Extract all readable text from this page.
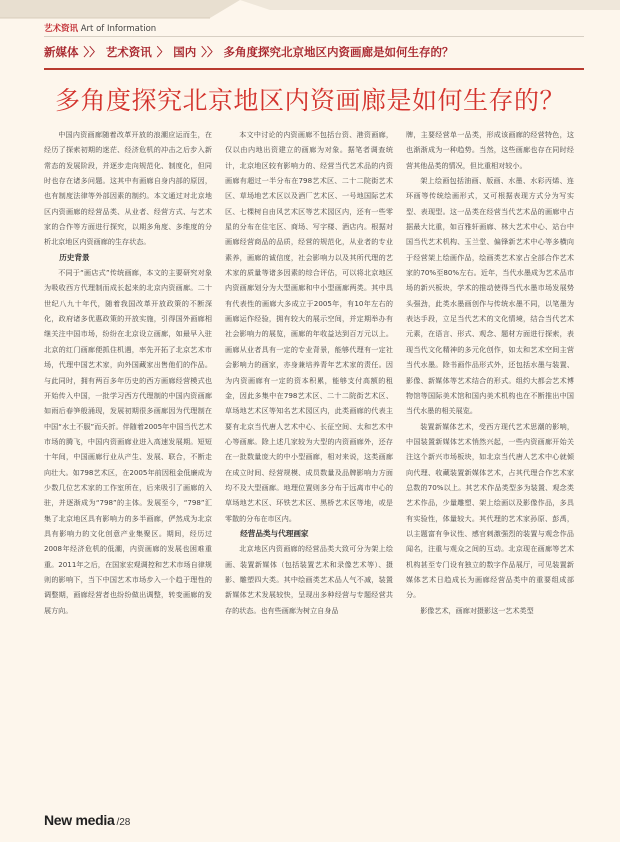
艺术资讯 Art of Information
新媒体 〉〉 艺术资讯 〉 国内 〉〉 多角度探究北京地区内资画廊是如何生存的？
多角度探究北京地区内资画廊是如何生存的？

中国内资画廊随着改革开放的浪潮应运而生，在经历了探索初期的迷茫、经济危机的冲击之后步入新常态的发展阶段，并逐步走向规范化、制度化，但同时也存在诸多问题。这其中有画廊自身内部的原因，也有制度法律等外部因素的制约。本文通过对北京地区内资画廊的经营品类、从业者、经营方式、与艺术家的合作等方面进行探究，以期多角度、多维度的分析北京地区内资画廊的生存状态。

历史背景

不同于“画店式”传统画廊，本文的主要研究对象为吸收西方代理制而成长起来的北京内资画廊。二十世纪八九十年代，随着我国改革开放政策的不断深化，政府诸多优惠政策的开放实施，引得国外画廊相继关注中国市场，纷纷在北京设立画廊，如最早入驻北京的红门画廊便抓住机遇，率先开拓了北京艺术市场，代理中国艺术家，向外国藏家出售他们的作品。与此同时，拥有两百多年历史的西方画廊经营模式也开始传入中国，一批学习西方代理制的中国内资画廊如雨后春笋般涌现，发展初期很多画廊因为代理制在中国“水土不服”而夭折。伴随着2005年中国当代艺术市场的腾飞，中国内资画廊业进入高速发展期。短短十年间，中国画廊行业从产生、发展、联合，不断走向壮大。如798艺术区，在2005年前因租金低廉成为少数几位艺术家的工作室所在，后来吸引了画廊的入驻，并逐渐成为“798”的主体。发展至今，“798”汇集了北京地区具有影响力的多半画廊，俨然成为北京具有影响力的文化创意产业集聚区。期间，经历过2008年经济危机的低潮，内资画廊的发展也困难重重。2011年之后，在国家宏观调控和艺术市场自律规则的影响下，当下中国艺术市场步入一个趋于理性的调整期，画廊经营者也纷纷做出调整，转变画廊的发展方向。

本文中讨论的内资画廊不包括台资、港资画廊，仅以由内地出资建立的画廊为对象。据笔者调查统计，北京地区较有影响力的、经营当代艺术品的内资画廊有超过一半分布在798艺术区、二十二院街艺术区、草场地艺术区以及酒厂艺术区、一号地国际艺术区、七棵树自由风艺术区等艺术园区内，还有一些零星的分布在住宅区、商场、写字楼、酒店内。根据对画廊经营商品的品质，经营的规范化，从业者的专业素养，画廊的诚信度，社会影响力以及其所代理的艺术家的质量等诸多因素的综合评估，可以将北京地区内资画廊划分为大型画廊和中小型画廊两类。其中具有代表性的画廊大多成立于2005年，有10年左右的画廊运作经验，拥有较大的展示空间，并定期举办有社会影响力的展览，画廊的年收益达到百万元以上。画廊从业者具有一定的专业背景，能够代理有一定社会影响力的画家，亦身兼培养青年艺术家的责任。因为内资画廊有一定的资本积累，能够支付高额的租金，因此多集中在798艺术区、二十二院街艺术区、草场地艺术区等知名艺术园区内，此类画廊的代表主要有北京当代唐人艺术中心、长征空间、太和艺术中心等画廊。除上述几家较为大型的内资画廊外，还存在一批数量庞大的中小型画廊，相对来说，这类画廊在成立时间、经营规模、成员数量及品牌影响力方面均不及大型画廊。地理位置则多分布于远离市中心的草场地艺术区、环铁艺术区、黑桥艺术区等地，或是零散的分布在市区内。

经营品类与代理画家

北京地区内资画廊的经营品类大致可分为架上绘画、装置新媒体（包括装置艺术和录像艺术等）、摄影、雕塑四大类。其中绘画类艺术品人气不减，装置新媒体艺术发展较快，呈现出多种经营与专题经营共存的状态。也有些画廊为树立自身品

牌，主要经营单一品类，形成该画廊的经营特色，这也渐渐成为一种趋势。当然，这些画廊也存在同时经营其他品类的情况，但比重相对较小。

架上绘画包括油画、版画、水墨、水彩丙烯、连环画等传统绘画形式，又可根据表现方式分为写实型、表现型。这一品类在经营当代艺术品的画廊中占据最大比重，如百雅轩画廊、林大艺术中心、站台中国当代艺术机构、玉兰堂、偏锋新艺术中心等多横向于经营架上绘画作品，绘画类艺术家占全部合作艺术家的70%至80%左右。近年，当代水墨成为艺术品市场的新兴板块，学术的推动使得当代水墨市场发展势头强劲，此类水墨画创作与传统水墨不同，以笔墨为表达手段，立足当代艺术的文化情境，结合当代艺术元素，在语言、形式、观念、题材方面进行探索，表现当代文化精神的多元化创作，如太和艺术空间主营当代水墨。除书画作品形式外，还包括水墨与装置、影像、新媒体等艺术结合的形式。组约大都会艺术博物馆等国际美术馆和国内美术机构也在不断推出中国当代水墨的相关展览。

装置新媒体艺术，受西方现代艺术思潮的影响，中国装置新媒体艺术悄然兴起，一些内资画廊开始关注这个新兴市场板块，如北京当代唐人艺术中心就倾向代理、收藏装置新媒体艺术，占其代理合作艺术家总数的70%以上。其艺术作品类型多为装置、观念类艺术作品，少量雕塑、架上绘画以及影像作品，多具有实验性，体量较大。其代理的艺术家孙原、彭禹，以主题富有争议性、感官刺激强烈的装置与观念作品闻名，注重与观众之间的互动。北京现在画廊等艺术机构甚至专门设有独立的数字作品展厅，可见装置新媒体艺术日趋成长为画廊经营品类中的重要组成部分。

影像艺术，画廊对摄影这一艺术类型

New media /28
